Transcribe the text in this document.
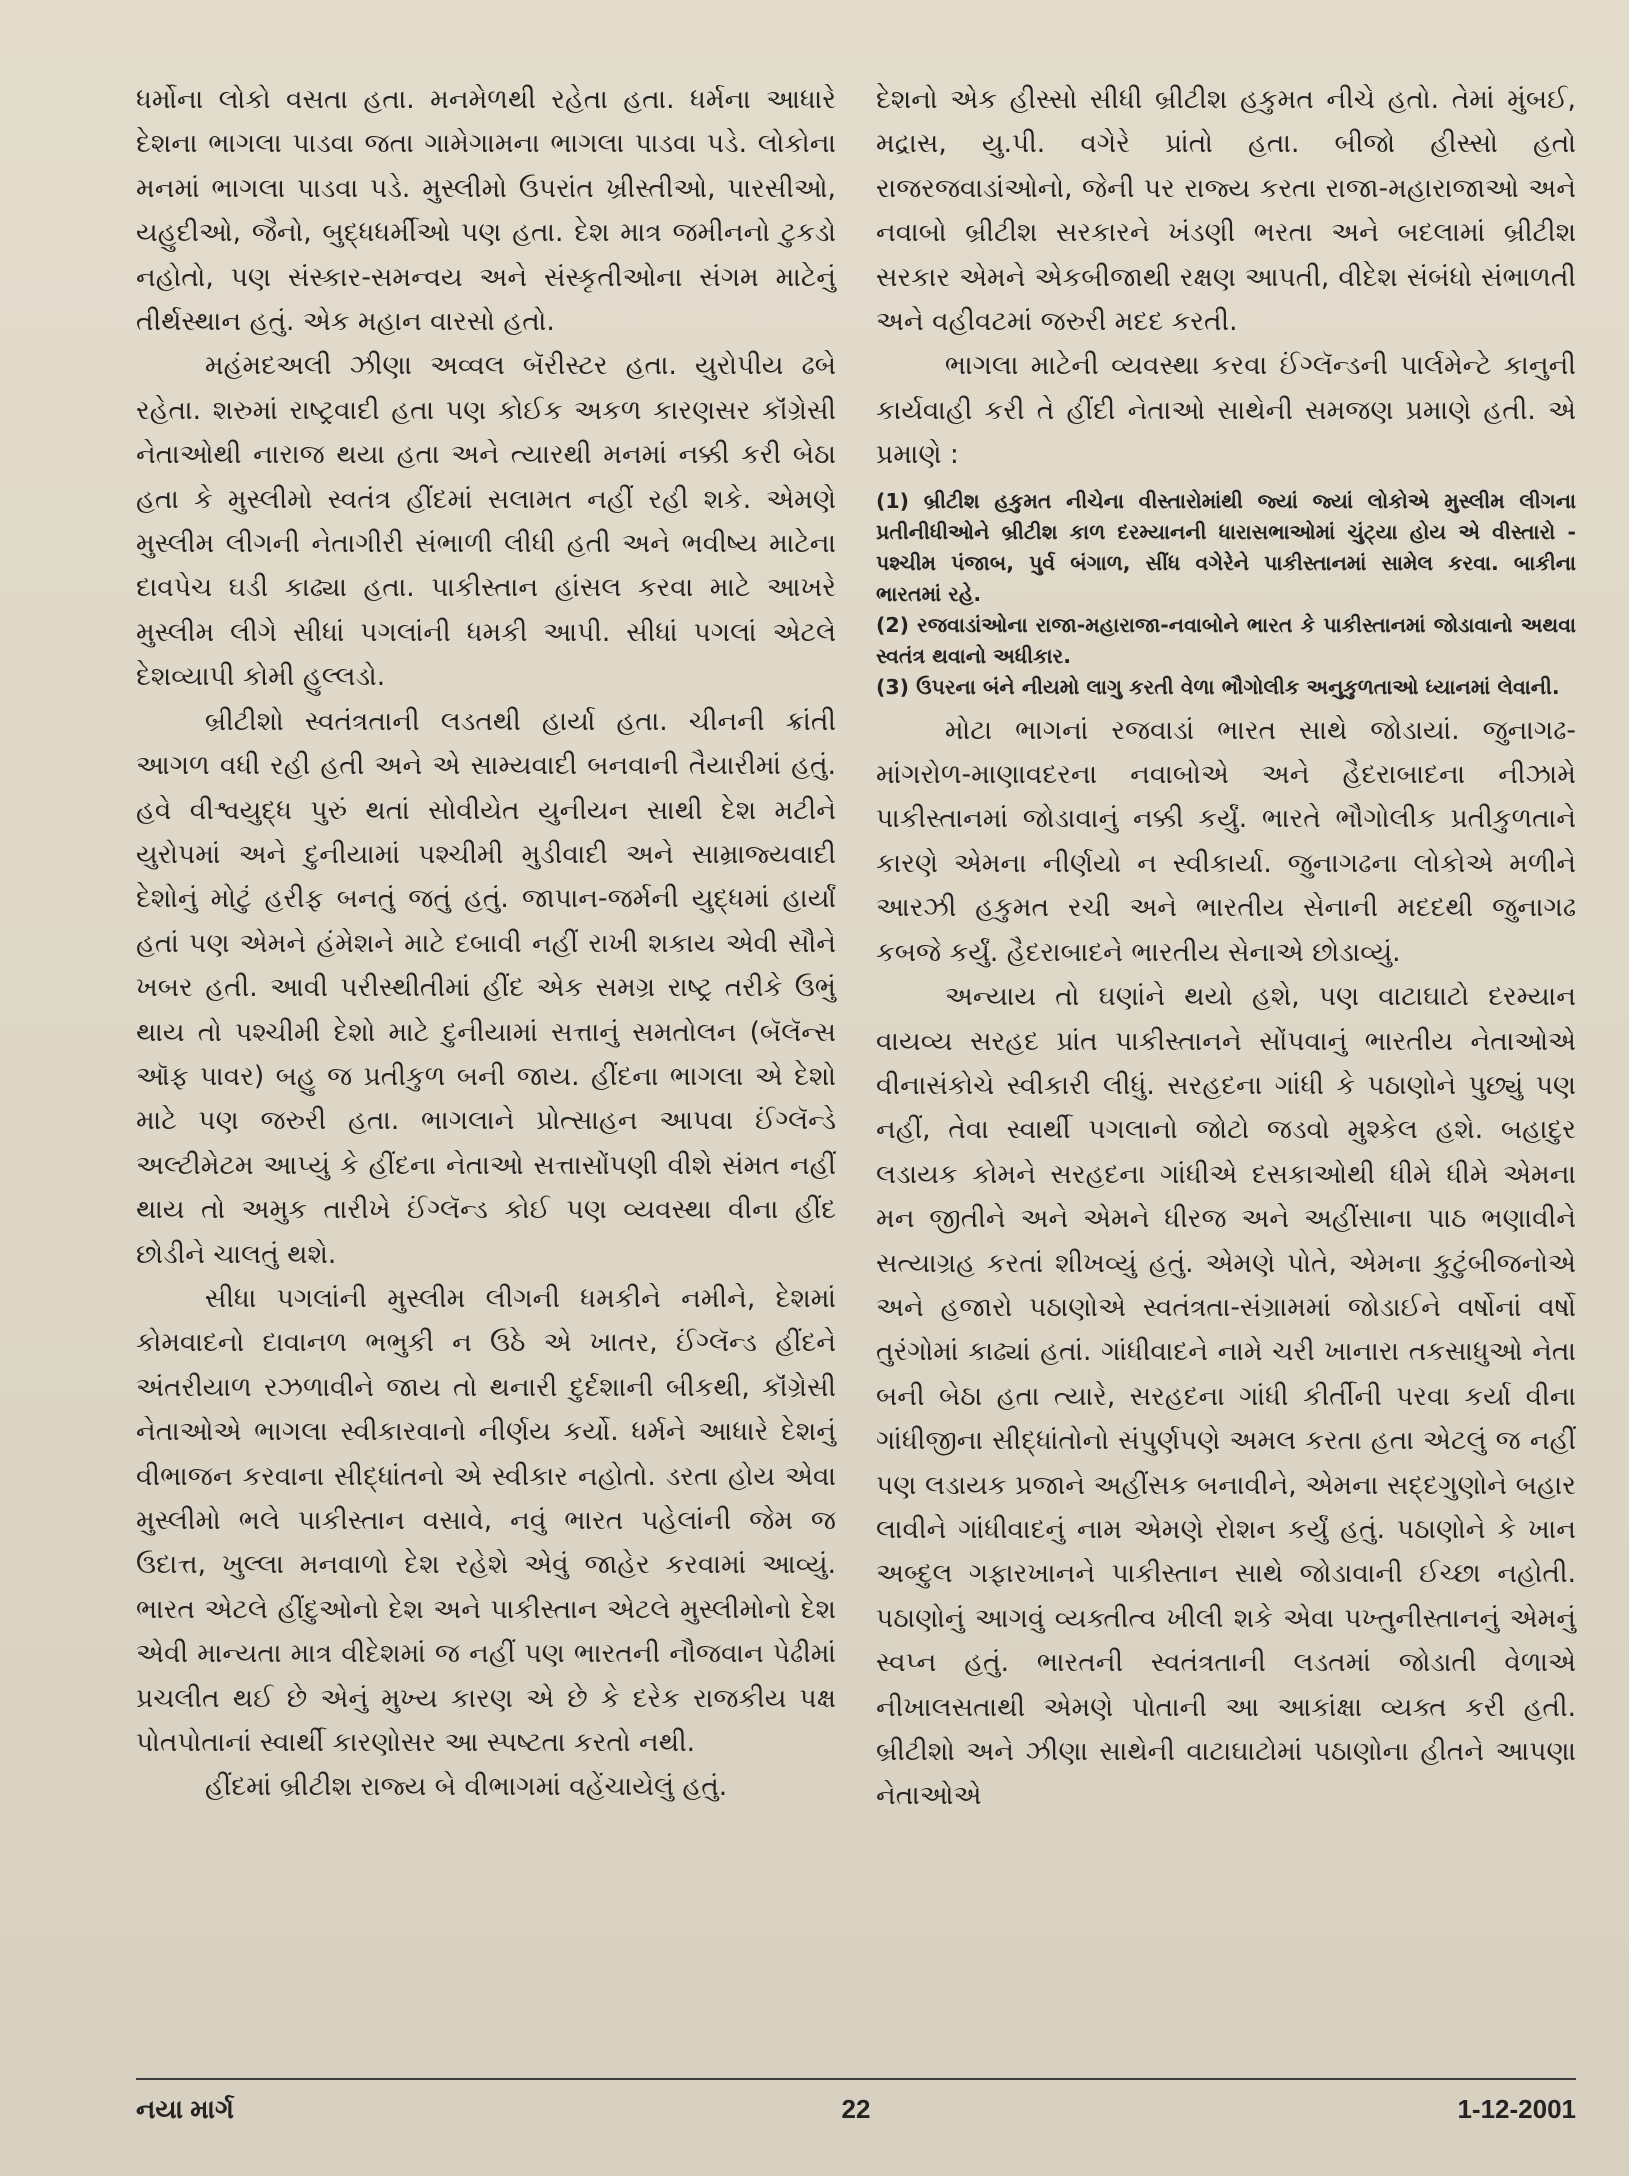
ધર્મોના લોકો વસતા હતા. મનમેળથી રહેતા હતા. ધર્મના આધારે દેશના ભાગલા પાડવા જતા ગામેગામના ભાગલા પાડવા પડે. લોકોના મનમાં ભાગલા પાડવા પડે. મુસ્લીમો ઉપરાંત ખ્રીસ્તીઓ, પારસીઓ, યહુદીઓ, જૈનો, બુદ્ધધર્મીઓ પણ હતા. દેશ માત્ર જમીનનો ટુકડો નહોતો, પણ સંસ્કાર-સમન્વય અને સંસ્કૃતીઓના સંગમ માટેનું તીર્થસ્થાન હતું. એક મહાન વારસો હતો.

મહંમદઅલી ઝીણા અવ્વલ બૅરીસ્ટર હતા. યુરોપીય ઢબે રહેતા. શરુમાં રાષ્ટ્રવાદી હતા પણ કોઈક અકળ કારણસર કૉંગ્રેસી નેતાઓથી નારાજ થયા હતા અને ત્યારથી મનમાં નક્કી કરી બેઠા હતા કે મુસ્લીમો સ્વતંત્ર હીંદમાં સલામત નહીં રહી શકે. એમણે મુસ્લીમ લીગની નેતાગીરી સંભાળી લીધી હતી અને ભવીષ્ય માટેના દાવપેચ ઘડી કાઢ્યા હતા. પાકીસ્તાન હાંસલ કરવા માટે આખરે મુસ્લીમ લીગે સીધાં પગલાંની ધમકી આપી. સીધાં પગલાં એટલે દેશવ્યાપી કોમી હુલ્લડો.

બ્રીટીશો સ્વતંત્રતાની લડતથી હાર્યા હતા. ચીનની ક્રાંતી આગળ વધી રહી હતી અને એ સામ્યવાદી બનવાની તૈયારીમાં હતું. હવે વીશ્વયુદ્ધ પુરું થતાં સોવીયેત યુનીયન સાથી દેશ મટીને યુરોપમાં અને દુનીયામાં પશ્ચીમી મુડીવાદી અને સામ્રાજ્યવાદી દેશોનું મોટું હરીફ બનતું જતું હતું. જાપાન-જર્મની યુદ્ધમાં હાર્યાં હતાં પણ એમને હંમેશને માટે દબાવી નહીં રાખી શકાય એવી સૌને ખબર હતી. આવી પરીસ્થીતીમાં હીંદ એક સમગ્ર રાષ્ટ્ર તરીકે ઉભું થાય તો પશ્ચીમી દેશો માટે દુનીયામાં સત્તાનું સમતોલન (બૅલૅન્સ ઑફ પાવર) બહુ જ પ્રતીકુળ બની જાય. હીંદના ભાગલા એ દેશો માટે પણ જરુરી હતા. ભાગલાને પ્રોત્સાહન આપવા ઈંગ્લૅન્ડે અલ્ટીમેટમ આપ્યું કે હીંદના નેતાઓ સત્તાસોંપણી વીશે સંમત નહીં થાય તો અમુક તારીખે ઈંગ્લૅન્ડ કોઈ પણ વ્યવસ્થા વીના હીંદ છોડીને ચાલતું થશે.

સીધા પગલાંની મુસ્લીમ લીગની ધમકીને નમીને, દેશમાં કોમવાદનો દાવાનળ ભભુકી ન ઉઠે એ ખાતર, ઈંગ્લૅન્ડ હીંદને અંતરીયાળ રઝળાવીને જાય તો થનારી દુર્દશાની બીકથી, કૉંગ્રેસી નેતાઓએ ભાગલા સ્વીકારવાનો નીર્ણય કર્યો. ધર્મને આધારે દેશનું વીભાજન કરવાના સીદ્ધાંતનો એ સ્વીકાર નહોતો. ડરતા હોય એવા મુસ્લીમો ભલે પાકીસ્તાન વસાવે, નવું ભારત પહેલાંની જેમ જ ઉદાત્ત, ખુલ્લા મનવાળો દેશ રહેશે એવું જાહેર કરવામાં આવ્યું. ભારત એટલે હીંદુઓનો દેશ અને પાકીસ્તાન એટલે મુસ્લીમોનો દેશ એવી માન્યતા માત્ર વીદેશમાં જ નહીં પણ ભારતની નૌજવાન પેઢીમાં પ્રચલીત થઈ છે એનું મુખ્ય કારણ એ છે કે દરેક રાજકીય પક્ષ પોતપોતાનાં સ્વાર્થી કારણોસર આ સ્પષ્ટતા કરતો નથી.

હીંદમાં બ્રીટીશ રાજ્ય બે વીભાગમાં વહેંચાયેલું હતું.

દેશનો એક હીસ્સો સીધી બ્રીટીશ હકુમત નીચે હતો. તેમાં મુંબઈ, મદ્રાસ, યુ.પી. વગેરે પ્રાંતો હતા. બીજો હીસ્સો હતો રાજરજવાડાંઓનો, જેની પર રાજ્ય કરતા રાજા-મહારાજાઓ અને નવાબો બ્રીટીશ સરકારને ખંડણી ભરતા અને બદલામાં બ્રીટીશ સરકાર એમને એકબીજાથી રક્ષણ આપતી, વીદેશ સંબંધો સંભાળતી અને વહીવટમાં જરુરી મદદ કરતી.

ભાગલા માટેની વ્યવસ્થા કરવા ઈંગ્લૅન્ડની પાર્લમેન્ટે કાનુની કાર્યવાહી કરી તે હીંદી નેતાઓ સાથેની સમજણ પ્રમાણે હતી. એ પ્રમાણે :

(1) બ્રીટીશ હકુમત નીચેના વીસ્તારોમાંથી જ્યાં જ્યાં લોકોએ મુસ્લીમ લીગના પ્રતીનીધીઓને બ્રીટીશ કાળ દરમ્યાનની ધારાસભાઓમાં ચુંટ્યા હોય એ વીસ્તારો - પશ્ચીમ પંજાબ, પુર્વ બંગાળ, સીંધ વગેરેને પાકીસ્તાનમાં સામેલ કરવા. બાકીના ભારતમાં રહે.

(2) રજવાડાંઓના રાજા-મહારાજા-નવાબોને ભારત કે પાકીસ્તાનમાં જોડાવાનો અથવા સ્વતંત્ર થવાનો અધીકાર.

(3) ઉપરના બંને નીયમો લાગુ કરતી વેળા ભૌગોલીક અનુકુળતાઓ ધ્યાનમાં લેવાની.

મોટા ભાગનાં રજવાડાં ભારત સાથે જોડાયાં. જુનાગઢ-માંગરોળ-માણાવદરના નવાબોએ અને હૈદરાબાદના નીઝામે પાકીસ્તાનમાં જોડાવાનું નક્કી કર્યું. ભારતે ભૌગોલીક પ્રતીકુળતાને કારણે એમના નીર્ણયો ન સ્વીકાર્યા. જુનાગઢના લોકોએ મળીને આરઝી હકુમત રચી અને ભારતીય સેનાની મદદથી જુનાગઢ કબજે કર્યું. હૈદરાબાદને ભારતીય સેનાએ છોડાવ્યું.

અન્યાય તો ઘણાંને થયો હશે, પણ વાટાઘાટો દરમ્યાન વાયવ્ય સરહદ પ્રાંત પાકીસ્તાનને સોંપવાનું ભારતીય નેતાઓએ વીનાસંકોચે સ્વીકારી લીધું. સરહદના ગાંધી કે પઠાણોને પુછ્યું પણ નહીં, તેવા સ્વાર્થી પગલાનો જોટો જડવો મુશ્કેલ હશે. બહાદુર લડાયક કોમને સરહદના ગાંધીએ દસકાઓથી ધીમે ધીમે એમના મન જીતીને અને એમને ધીરજ અને અહીંસાના પાઠ ભણાવીને સત્યાગ્રહ કરતાં શીખવ્યું હતું. એમણે પોતે, એમના કુટુંબીજનોએ અને હજારો પઠાણોએ સ્વતંત્રતા-સંગ્રામમાં જોડાઈને વર્ષોનાં વર્ષો તુરંગોમાં કાઢ્યાં હતાં. ગાંધીવાદને નામે ચરી ખાનારા તકસાધુઓ નેતા બની બેઠા હતા ત્યારે, સરહદના ગાંધી કીર્તીની પરવા કર્યા વીના ગાંધીજીના સીદ્ધાંતોનો સંપુર્ણપણે અમલ કરતા હતા એટલું જ નહીં પણ લડાયક પ્રજાને અહીંસક બનાવીને, એમના સદ્દગુણોને બહાર લાવીને ગાંધીવાદનું નામ એમણે રોશન કર્યું હતું. પઠાણોને કે ખાન અબ્દુલ ગફારખાનને પાકીસ્તાન સાથે જોડાવાની ઈચ્છા નહોતી. પઠાણોનું આગવું વ્યક્તીત્વ ખીલી શકે એવા પખ્તુનીસ્તાનનું એમનું સ્વપ્ન હતું. ભારતની સ્વતંત્રતાની લડતમાં જોડાતી વેળાએ નીખાલસતાથી એમણે પોતાની આ આકાંક્ષા વ્યક્ત કરી હતી. બ્રીટીશો અને ઝીણા સાથેની વાટાઘાટોમાં પઠાણોના હીતને આપણા નેતાઓએ

નયા માર્ગ	22	1-12-2001
